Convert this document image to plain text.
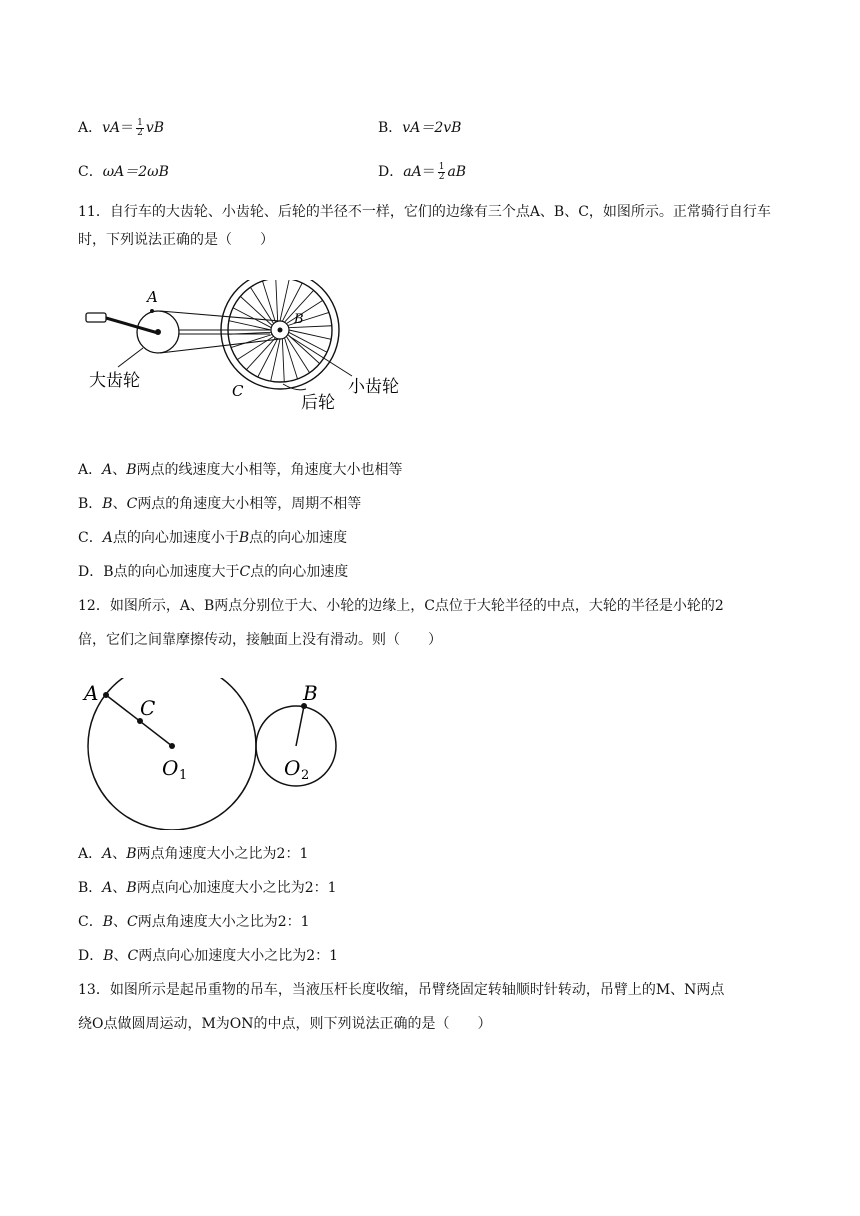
A．$vA= \frac{1}{2}$ vB	B．vA＝2vB
C．ωA＝2ωB	D．$aA= \frac{1}{2}$ aB
11．自行车的大齿轮、小齿轮、后轮的半径不一样，它们的边缘有三个点A、B、C，如图所示。正常骑行自行车时，下列说法正确的是（　　）
A
B
C
大齿轮	小齿轮
后轮
A．A、B两点的线速度大小相等，角速度大小也相等
B．B、C两点的角速度大小相等，周期不相等
C．A点的向心加速度小于B点的向心加速度
D．B点的向心加速度大于C点的向心加速度
12．如图所示，A、B两点分别位于大、小轮的边缘上，C点位于大轮半径的中点，大轮的半径是小轮的2
倍，它们之间靠摩擦传动，接触面上没有滑动。则（　　）
A
C
B
O 1	O 2
A．A、B两点角速度大小之比为2：1
B．A、B两点向心加速度大小之比为2：1
C．B、C两点角速度大小之比为2：1
D．B、C两点向心加速度大小之比为2：1
13．如图所示是起吊重物的吊车，当液压杆长度收缩，吊臂绕固定转轴顺时针转动，吊臂上的M、N两点
绕O点做圆周运动，M为ON的中点，则下列说法正确的是（　　）
